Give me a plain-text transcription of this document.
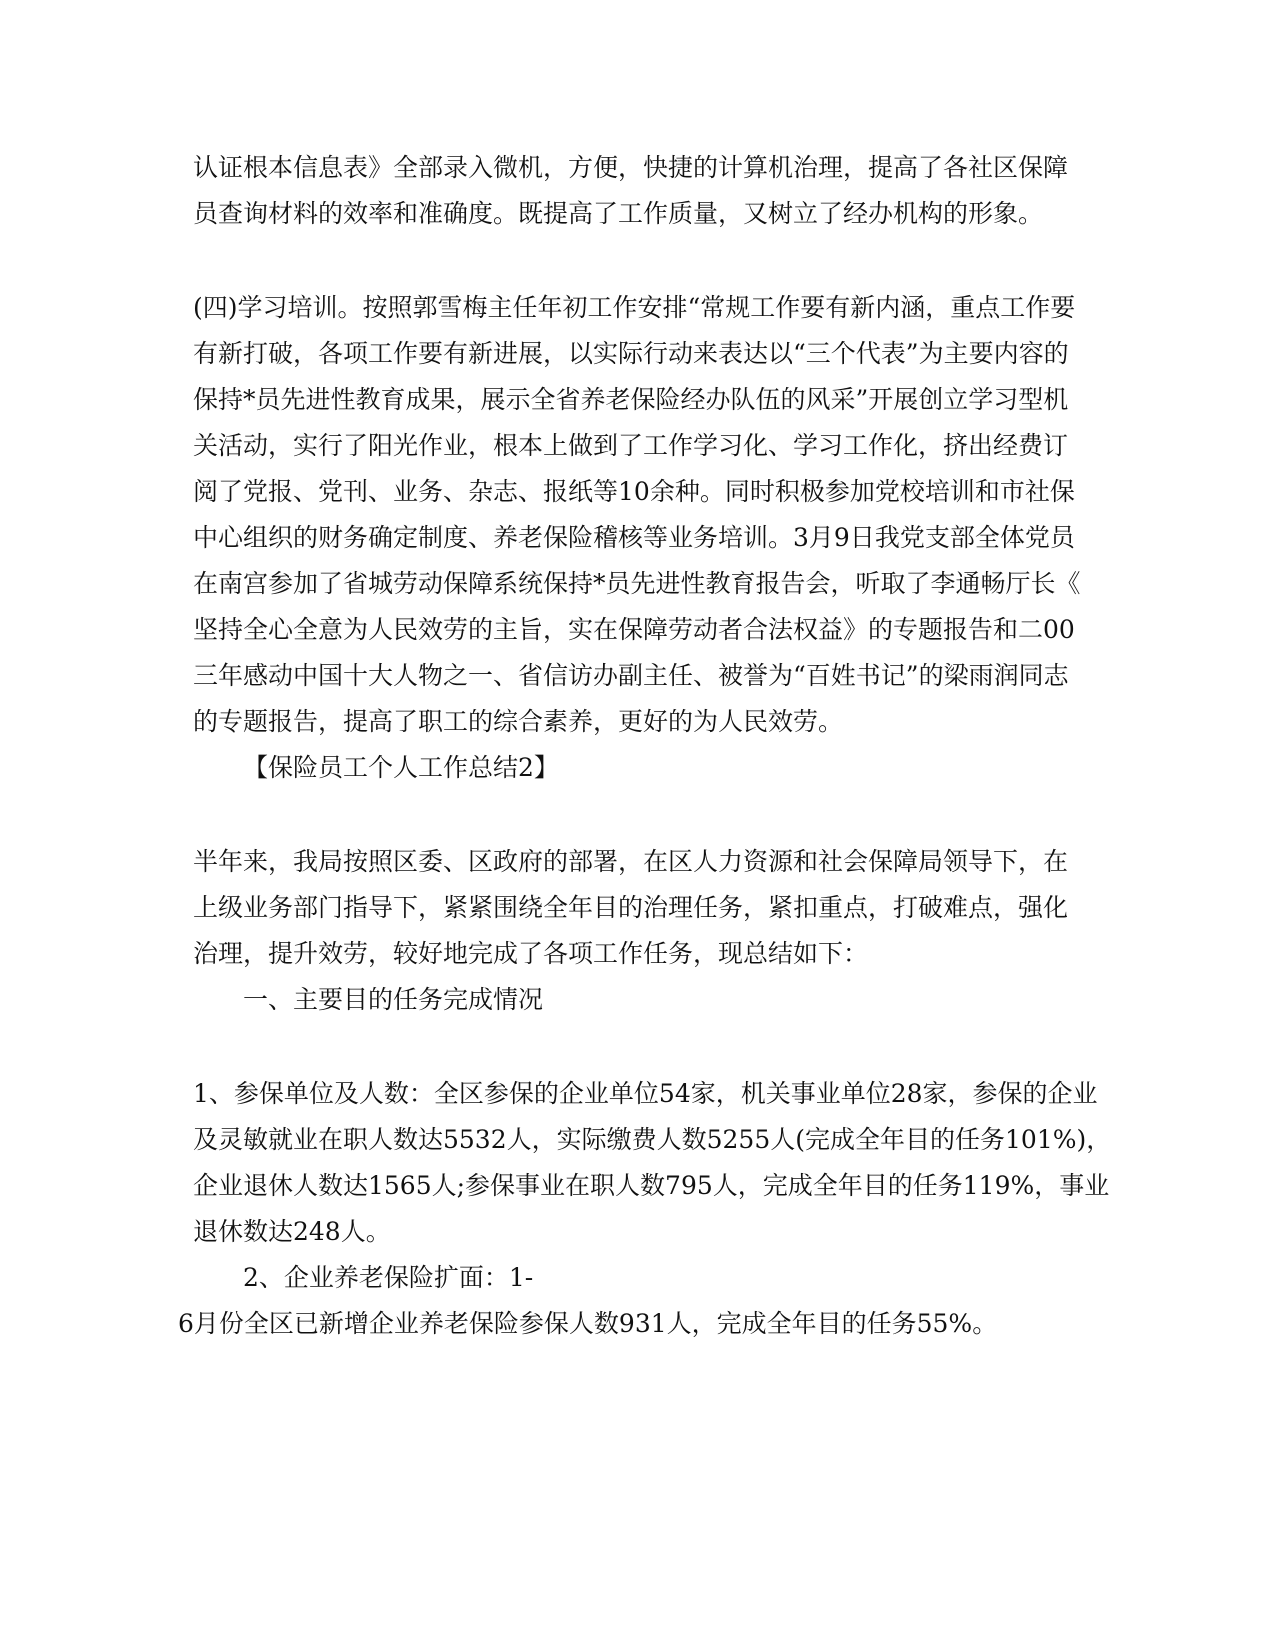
认证根本信息表》全部录入微机，方便，快捷的计算机治理，提高了各社区保障
员查询材料的效率和准确度。既提高了工作质量，又树立了经办机构的形象。
(四)学习培训。按照郭雪梅主任年初工作安排“常规工作要有新内涵，重点工作要
有新打破，各项工作要有新进展，以实际行动来表达以“三个代表”为主要内容的
保持*员先进性教育成果，展示全省养老保险经办队伍的风采”开展创立学习型机
关活动，实行了阳光作业，根本上做到了工作学习化、学习工作化，挤出经费订
阅了党报、党刊、业务、杂志、报纸等10余种。同时积极参加党校培训和市社保
中心组织的财务确定制度、养老保险稽核等业务培训。3月9日我党支部全体党员
在南宫参加了省城劳动保障系统保持*员先进性教育报告会，听取了李通畅厅长《
坚持全心全意为人民效劳的主旨，实在保障劳动者合法权益》的专题报告和二00
三年感动中国十大人物之一、省信访办副主任、被誉为“百姓书记”的梁雨润同志
的专题报告，提高了职工的综合素养，更好的为人民效劳。
【保险员工个人工作总结2】
半年来，我局按照区委、区政府的部署，在区人力资源和社会保障局领导下，在
上级业务部门指导下，紧紧围绕全年目的治理任务，紧扣重点，打破难点，强化
治理，提升效劳，较好地完成了各项工作任务，现总结如下：
一、主要目的任务完成情况
1、参保单位及人数：全区参保的企业单位54家，机关事业单位28家，参保的企业
及灵敏就业在职人数达5532人，实际缴费人数5255人(完成全年目的任务101%)，
企业退休人数达1565人;参保事业在职人数795人，完成全年目的任务119%，事业
退休数达248人。
2、企业养老保险扩面：1-
6月份全区已新增企业养老保险参保人数931人，完成全年目的任务55%。
